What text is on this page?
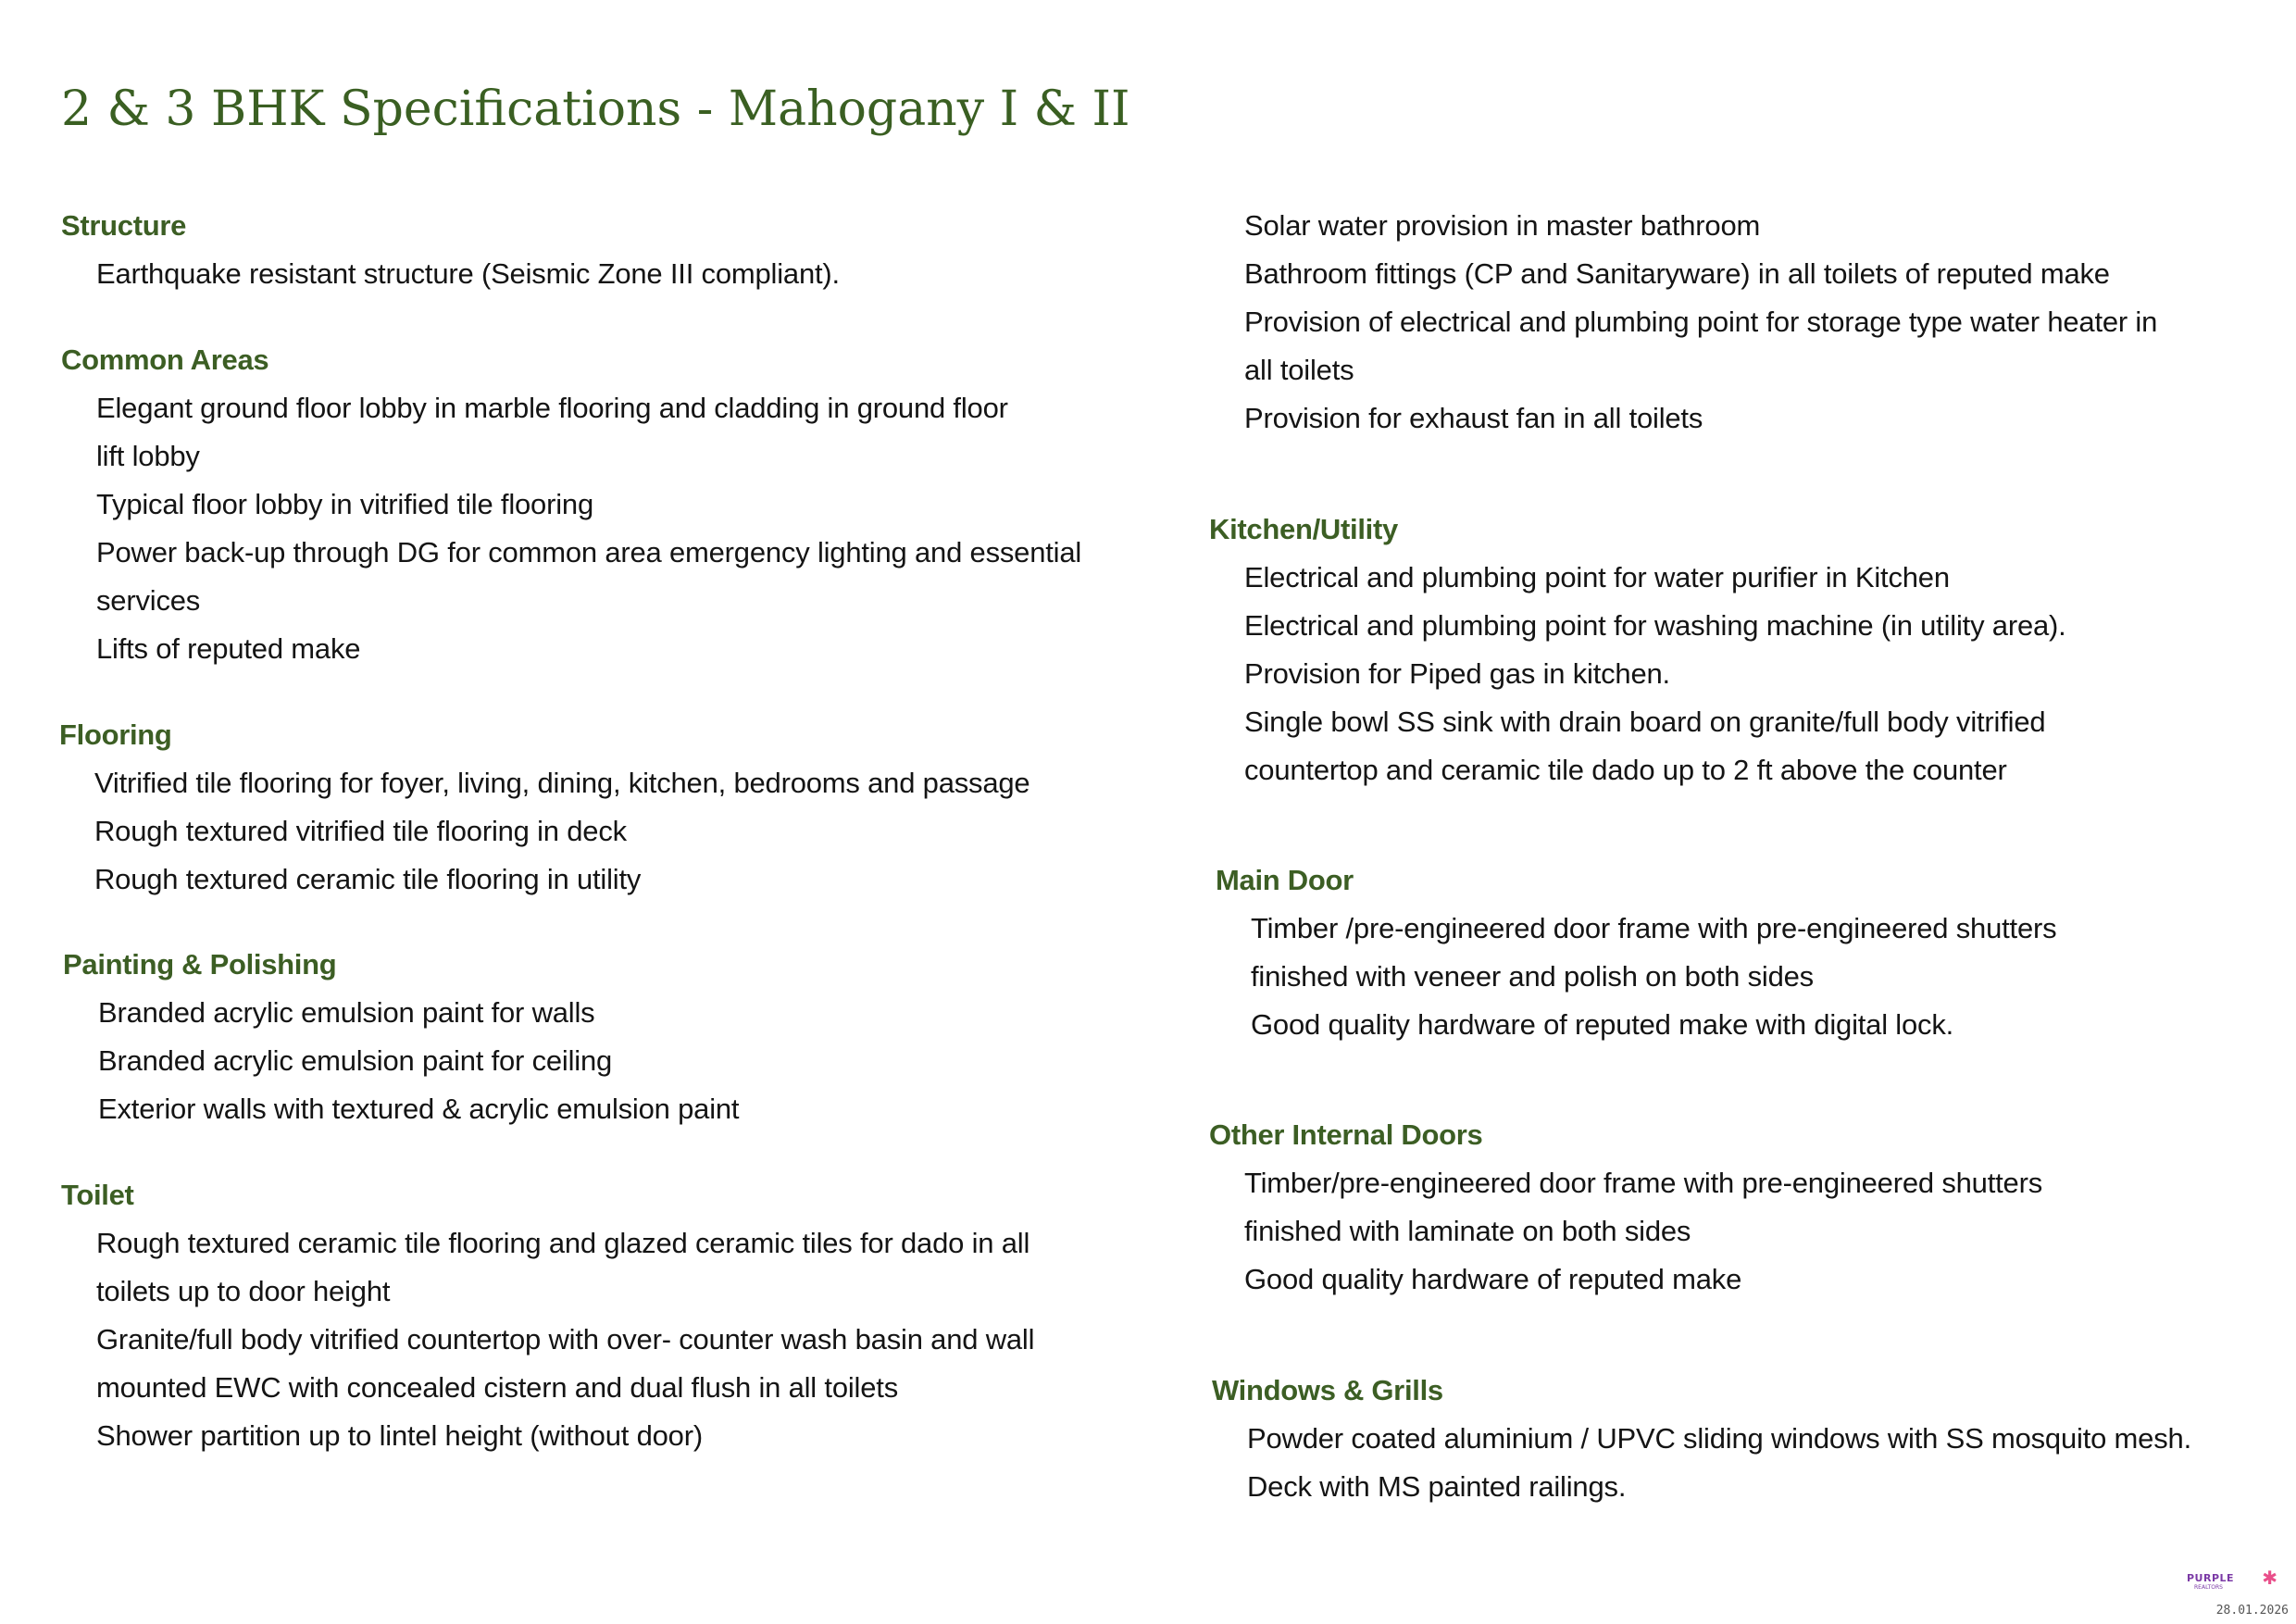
2 & 3 BHK Specifications - Mahogany I & II
Structure
Earthquake resistant structure (Seismic Zone III compliant).
Common Areas
Elegant ground floor lobby in marble flooring and cladding in ground floor
lift lobby
Typical floor lobby in vitrified tile flooring
Power back-up through DG for common area emergency lighting and essential
services
Lifts of reputed make
Flooring
Vitrified tile flooring for foyer, living, dining, kitchen, bedrooms and passage
Rough textured vitrified tile flooring in deck
Rough textured ceramic tile flooring in utility
Painting & Polishing
Branded acrylic emulsion paint for walls
Branded acrylic emulsion paint for ceiling
Exterior walls with textured & acrylic emulsion paint
Toilet
Rough textured ceramic tile flooring and glazed ceramic tiles for dado in all
toilets up to door height
Granite/full body vitrified countertop with over- counter wash basin and wall
mounted EWC with concealed cistern and dual flush in all toilets
Shower partition up to lintel height (without door)
Solar water provision in master bathroom
Bathroom fittings (CP and Sanitaryware) in all toilets of reputed make
Provision of electrical and plumbing point for storage type water heater in
all toilets
Provision for exhaust fan in all toilets
Kitchen/Utility
Electrical and plumbing point for water purifier in Kitchen
Electrical and plumbing point for washing machine (in utility area).
Provision for Piped gas in kitchen.
Single bowl SS sink with drain board on granite/full body vitrified
countertop and ceramic tile dado up to 2 ft above the counter
Main Door
Timber /pre-engineered door frame with pre-engineered shutters
finished with veneer and polish on both sides
Good quality hardware of reputed make with digital lock.
Other Internal Doors
Timber/pre-engineered door frame with pre-engineered shutters
finished with laminate on both sides
Good quality hardware of reputed make
Windows & Grills
Powder coated aluminium / UPVC sliding windows with SS mosquito mesh.
Deck with MS painted railings.
PURPLE
REALTORS ✱
28.01.2026
